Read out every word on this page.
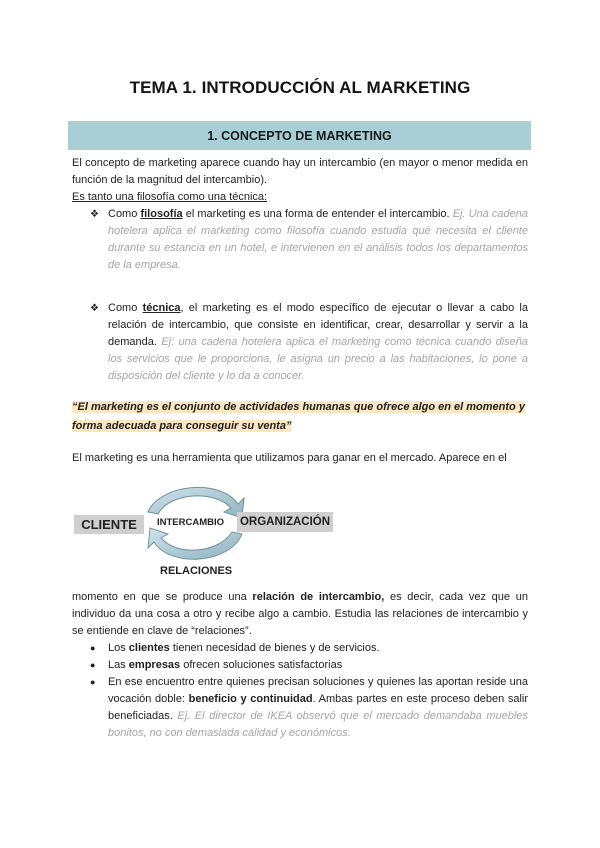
TEMA 1. INTRODUCCIÓN AL MARKETING
1. CONCEPTO DE MARKETING
El concepto de marketing aparece cuando hay un intercambio (en mayor o menor medida en función de la magnitud del intercambio).
Es tanto una filosofía como una técnica:
❖ Como filosofía el marketing es una forma de entender el intercambio. Ej. Una cadena hotelera aplica el marketing como filosofía cuando estudia qué necesita el cliente durante su estancia en un hotel, e intervienen en el análisis todos los departamentos de la empresa.
❖ Como técnica, el marketing es el modo específico de ejecutar o llevar a cabo la relación de intercambio, que consiste en identificar, crear, desarrollar y servir a la demanda. Ej: una cadena hotelera aplica el marketing como técnica cuando diseña los servicios que le proporciona, le asigna un precio a las habitaciones, lo pone a disposición del cliente y lo da a conocer.
“El marketing es el conjunto de actividades humanas que ofrece algo en el momento y forma adecuada para conseguir su venta”
El marketing es una herramienta que utilizamos para ganar en el mercado. Aparece en el
CLIENTE	INTERCAMBIO ORGANIZACIÓN
RELACIONES
momento en que se produce una relación de intercambio, es decir, cada vez que un individuo da una cosa a otro y recibe algo a cambio. Estudia las relaciones de intercambio y se entiende en clave de “relaciones”.
● Los clientes tienen necesidad de bienes y de servicios.
● Las empresas ofrecen soluciones satisfactorias
● En ese encuentro entre quienes precisan soluciones y quienes las aportan reside una vocación doble: beneficio y continuidad. Ambas partes en este proceso deben salir beneficiadas. Ej. El director de IKEA observó que el mercado demandaba muebles bonitos, no con demasiada calidad y económicos.
